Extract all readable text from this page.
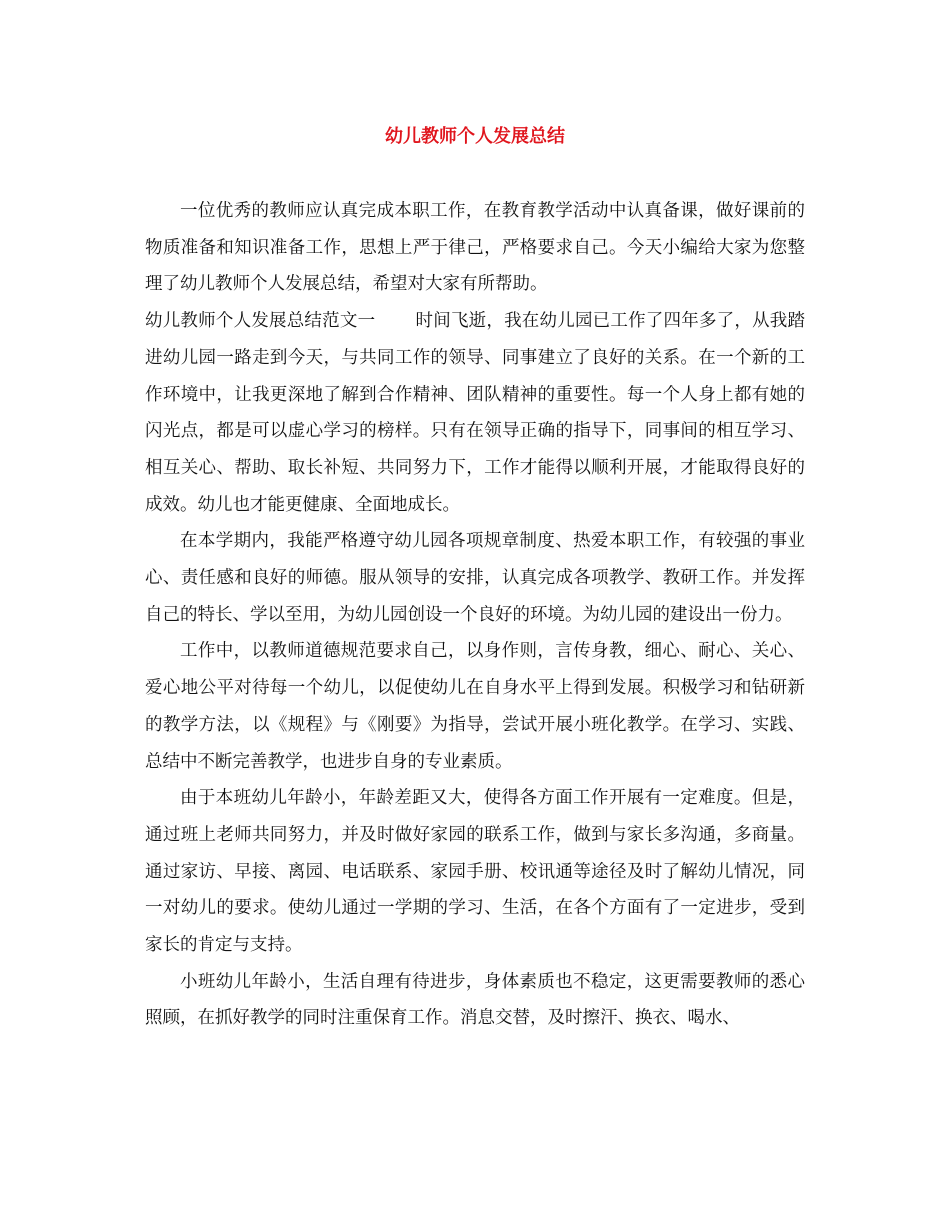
幼儿教师个人发展总结

一位优秀的教师应认真完成本职工作，在教育教学活动中认真备课，做好课前的物质准备和知识准备工作，思想上严于律己，严格要求自己。今天小编给大家为您整理了幼儿教师个人发展总结，希望对大家有所帮助。

幼儿教师个人发展总结范文一 时间飞逝，我在幼儿园已工作了四年多了，从我踏进幼儿园一路走到今天，与共同工作的领导、同事建立了良好的关系。在一个新的工作环境中，让我更深地了解到合作精神、团队精神的重要性。每一个人身上都有她的闪光点，都是可以虚心学习的榜样。只有在领导正确的指导下，同事间的相互学习、相互关心、帮助、取长补短、共同努力下，工作才能得以顺利开展，才能取得良好的成效。幼儿也才能更健康、全面地成长。

在本学期内，我能严格遵守幼儿园各项规章制度、热爱本职工作，有较强的事业心、责任感和良好的师德。服从领导的安排，认真完成各项教学、教研工作。并发挥自己的特长、学以至用，为幼儿园创设一个良好的环境。为幼儿园的建设出一份力。

工作中，以教师道德规范要求自己，以身作则，言传身教，细心、耐心、关心、爱心地公平对待每一个幼儿，以促使幼儿在自身水平上得到发展。积极学习和钻研新的教学方法，以《规程》与《刚要》为指导，尝试开展小班化教学。在学习、实践、总结中不断完善教学，也进步自身的专业素质。

由于本班幼儿年龄小，年龄差距又大，使得各方面工作开展有一定难度。但是，通过班上老师共同努力，并及时做好家园的联系工作，做到与家长多沟通，多商量。通过家访、早接、离园、电话联系、家园手册、校讯通等途径及时了解幼儿情况，同一对幼儿的要求。使幼儿通过一学期的学习、生活，在各个方面有了一定进步，受到家长的肯定与支持。

小班幼儿年龄小，生活自理有待进步，身体素质也不稳定，这更需要教师的悉心照顾，在抓好教学的同时注重保育工作。消息交替，及时擦汗、换衣、喝水、
